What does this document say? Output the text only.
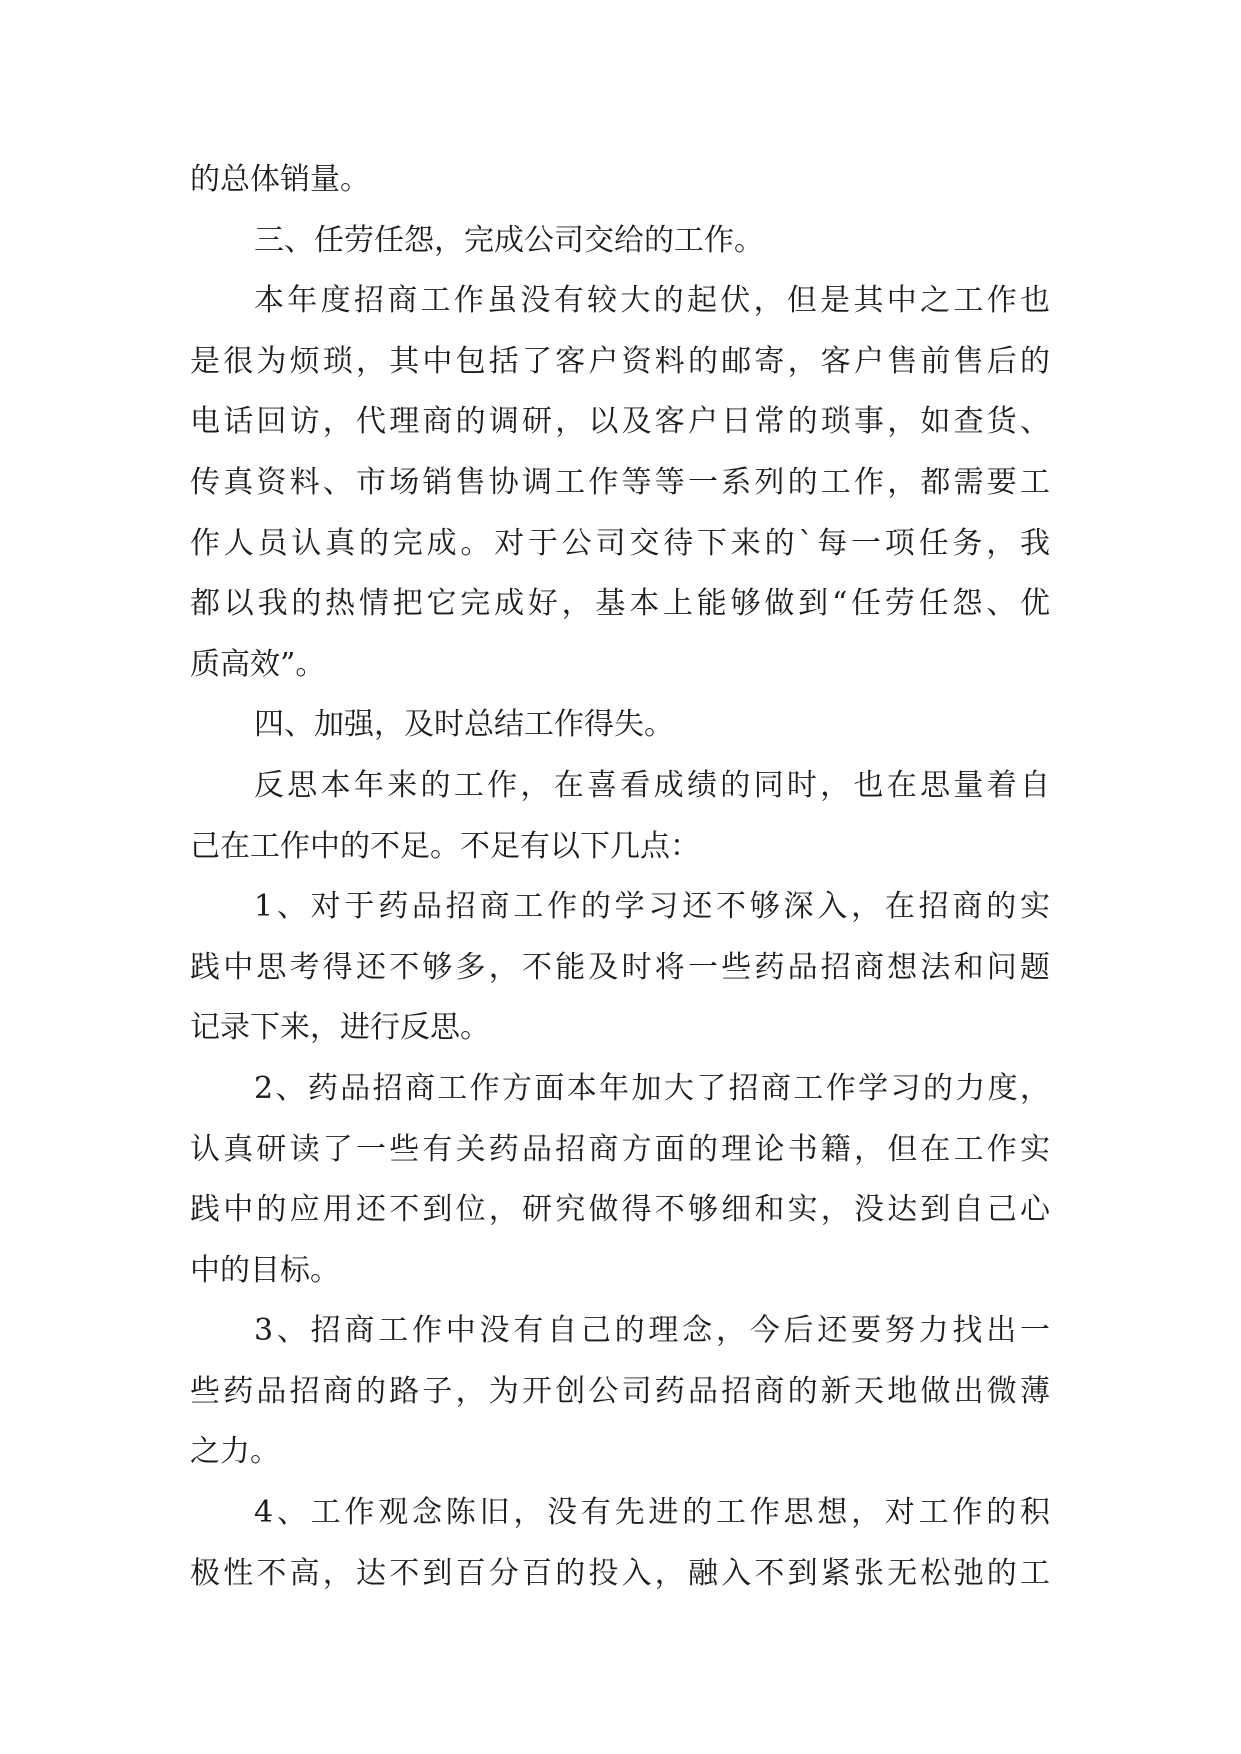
的总体销量。
三、任劳任怨，完成公司交给的工作。
本年度招商工作虽没有较大的起伏，但是其中之工作也
是很为烦琐，其中包括了客户资料的邮寄，客户售前售后的
电话回访，代理商的调研，以及客户日常的琐事，如查货、
传真资料、市场销售协调工作等等一系列的工作，都需要工
作人员认真的完成。对于公司交待下来的`每一项任务，我
都以我的热情把它完成好，基本上能够做到“任劳任怨、优
质高效”。
四、加强，及时总结工作得失。
反思本年来的工作，在喜看成绩的同时，也在思量着自
己在工作中的不足。不足有以下几点：
1、对于药品招商工作的学习还不够深入，在招商的实
践中思考得还不够多，不能及时将一些药品招商想法和问题
记录下来，进行反思。
2、药品招商工作方面本年加大了招商工作学习的力度，
认真研读了一些有关药品招商方面的理论书籍，但在工作实
践中的应用还不到位，研究做得不够细和实，没达到自己心
中的目标。
3、招商工作中没有自己的理念，今后还要努力找出一
些药品招商的路子，为开创公司药品招商的新天地做出微薄
之力。
4、工作观念陈旧，没有先进的工作思想，对工作的积
极性不高，达不到百分百的投入，融入不到紧张无松弛的工
